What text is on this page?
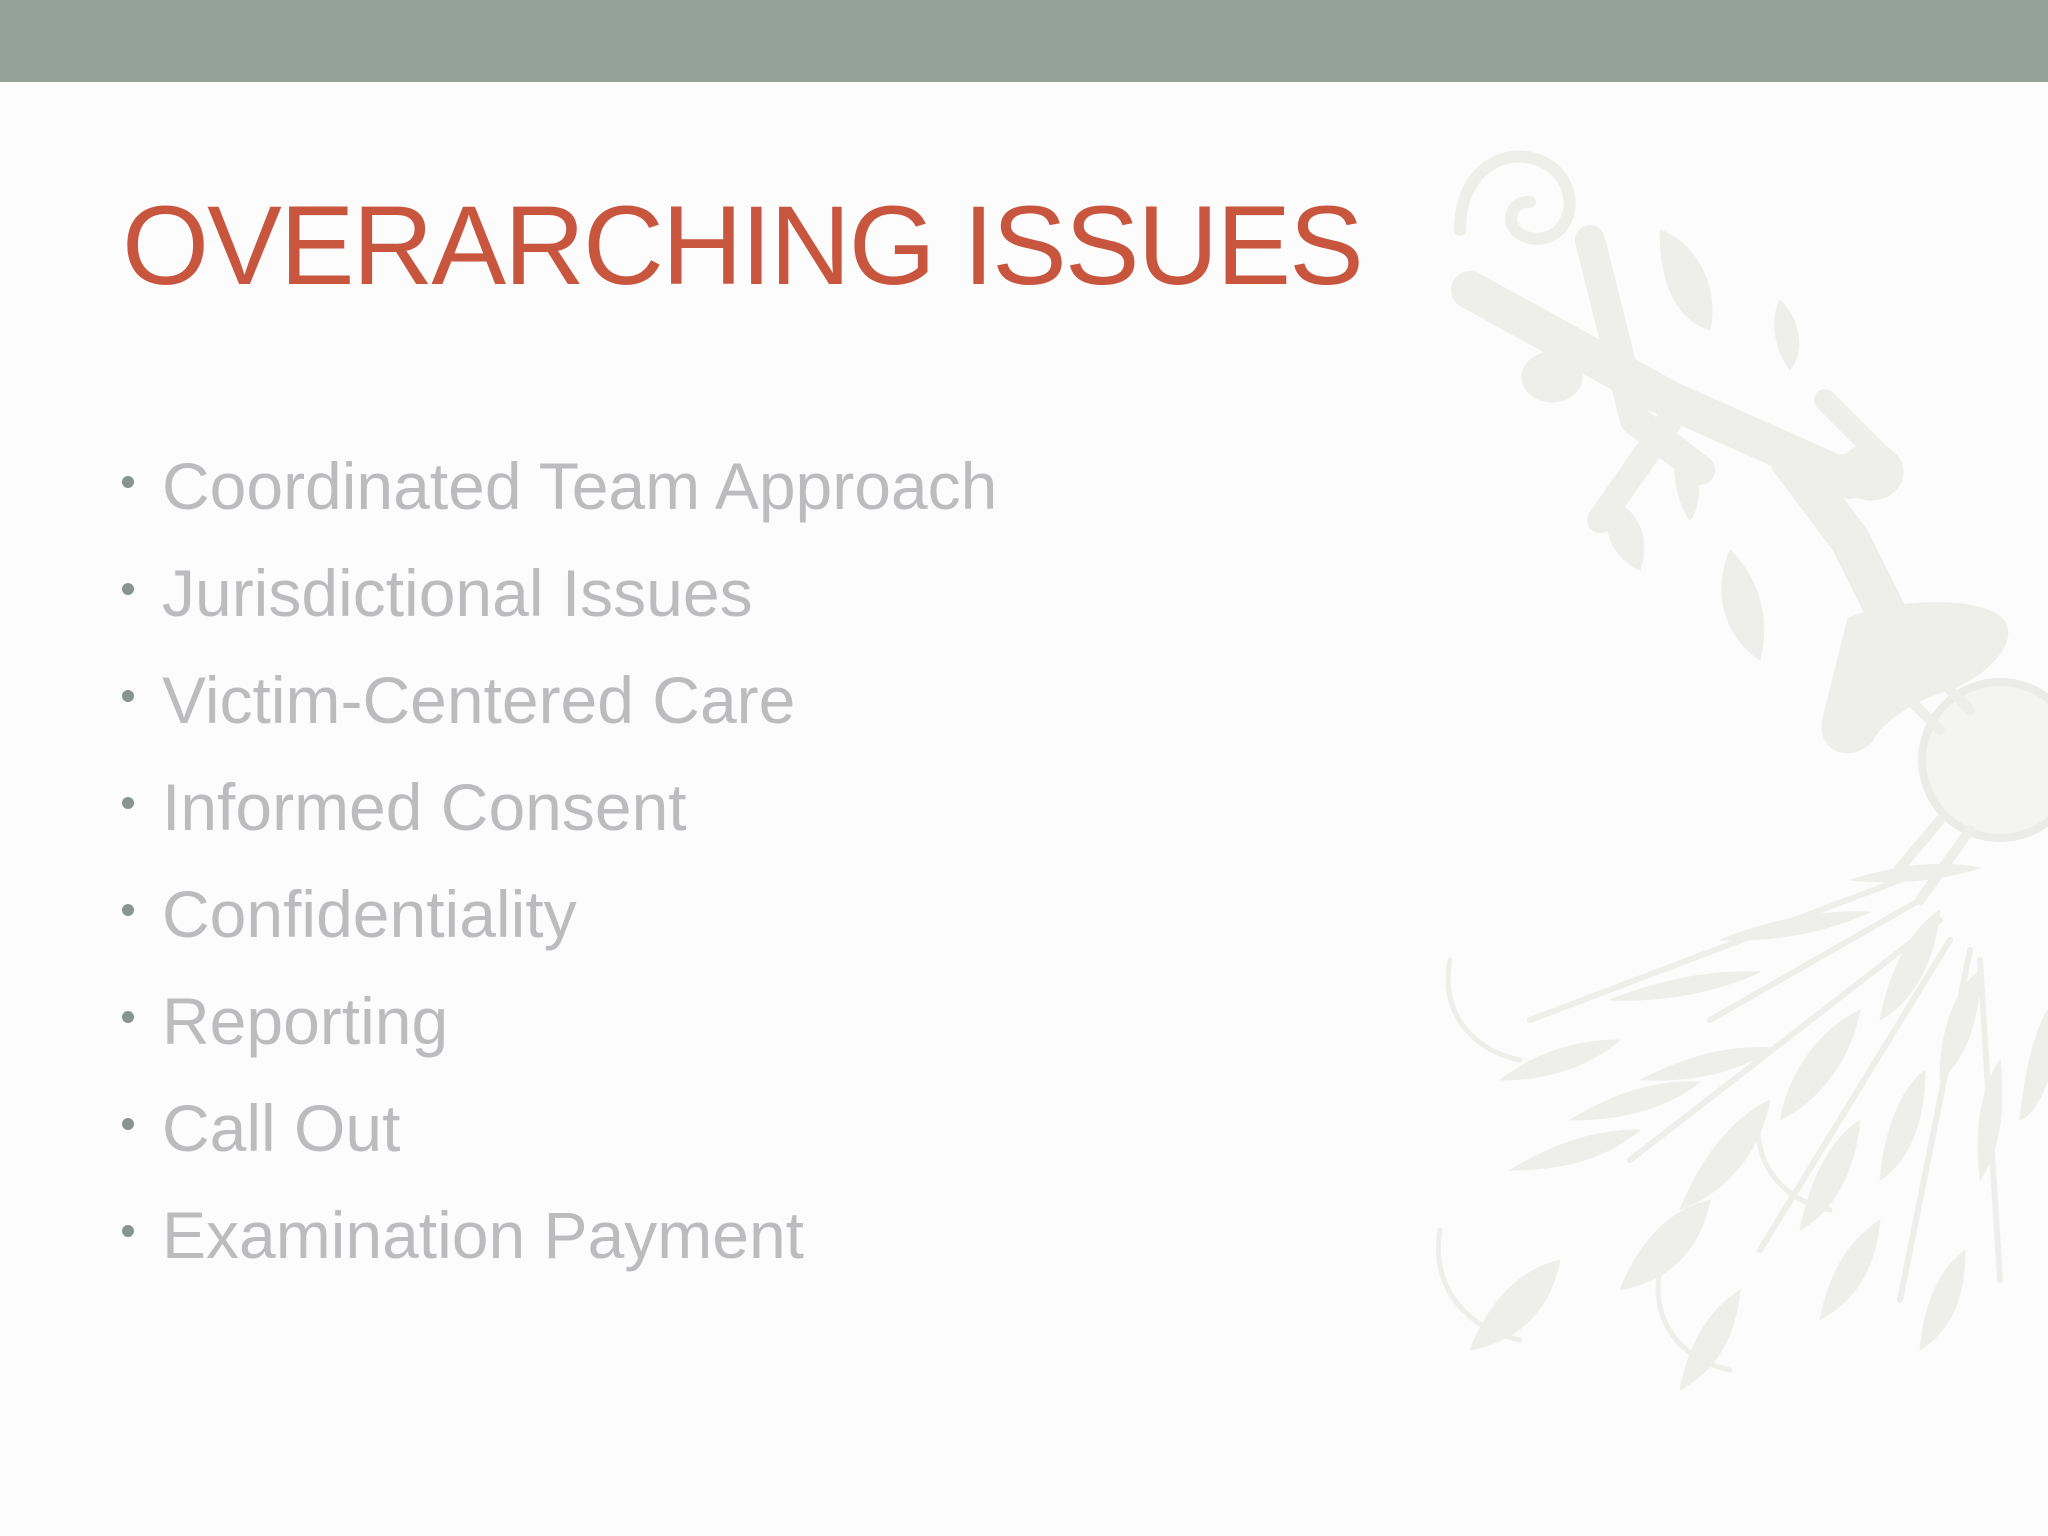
OVERARCHING ISSUES
Coordinated Team Approach
Jurisdictional Issues
Victim-Centered Care
Informed Consent
Confidentiality
Reporting
Call Out
Examination Payment
